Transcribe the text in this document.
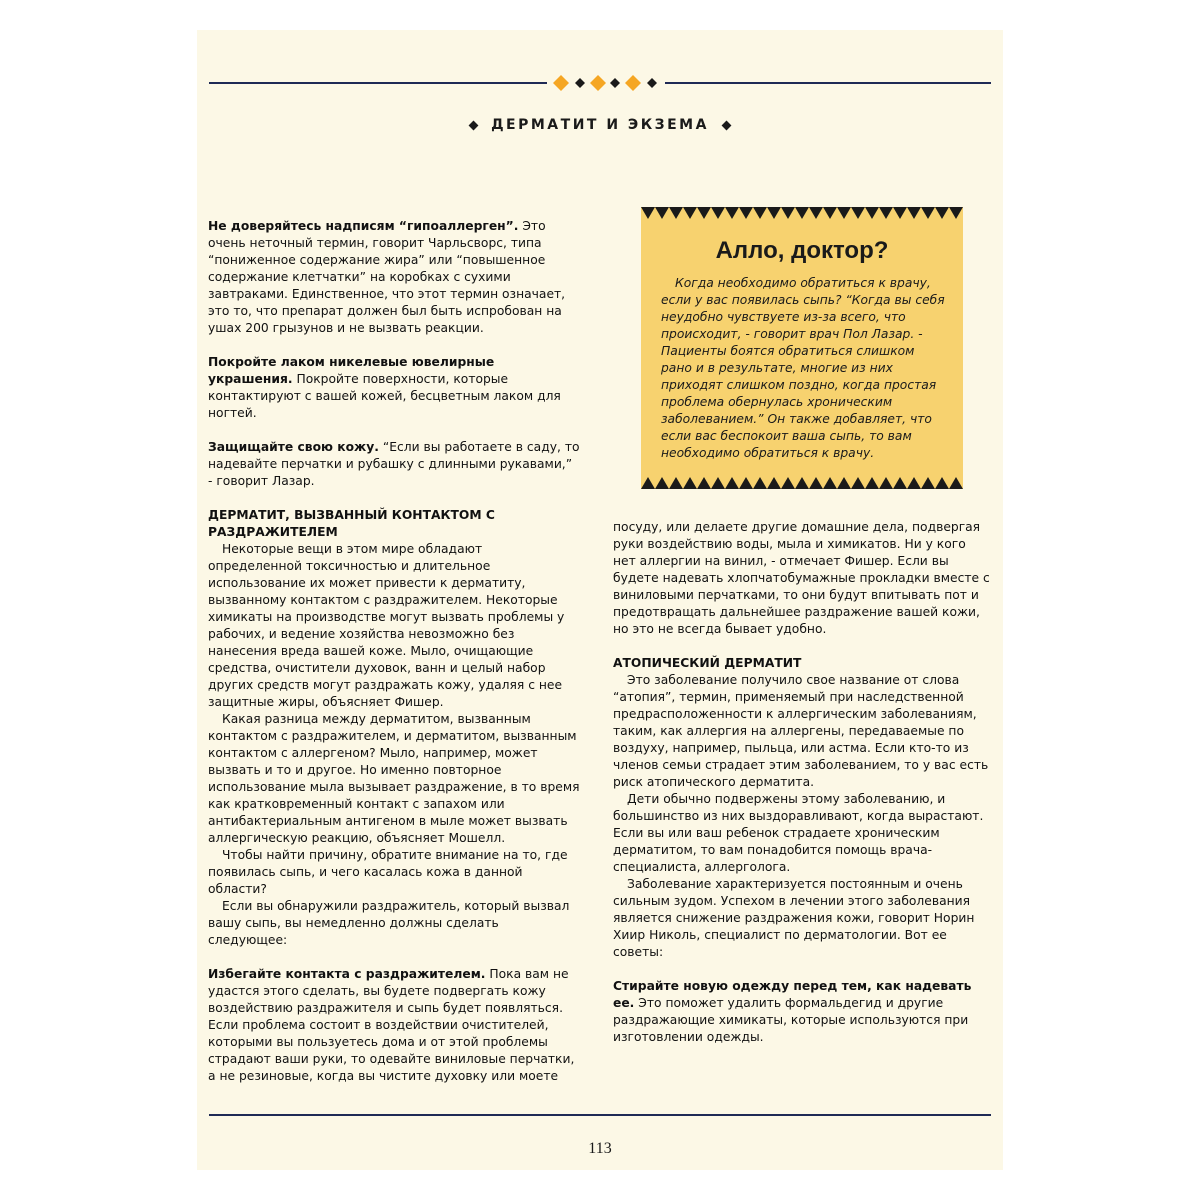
ДЕРМАТИТ И ЭКЗЕМА

Не доверяйтесь надписям “гипоаллерген”. Это очень неточный термин, говорит Чарльсворс, типа “пониженное содержание жира” или “повышенное содержание клетчатки” на коробках с сухими завтраками. Единственное, что этот термин означает, это то, что препарат должен был быть испробован на ушах 200 грызунов и не вызвать реакции.

Покройте лаком никелевые ювелирные украшения. Покройте поверхности, которые контактируют с вашей кожей, бесцветным лаком для ногтей.

Защищайте свою кожу. “Если вы работаете в саду, то надевайте перчатки и рубашку с длинными рукавами,” - говорит Лазар.

ДЕРМАТИТ, ВЫЗВАННЫЙ КОНТАКТОМ С РАЗДРАЖИТЕЛЕМ

Некоторые вещи в этом мире обладают определенной токсичностью и длительное использование их может привести к дерматиту, вызванному контактом с раздражителем. Некоторые химикаты на производстве могут вызвать проблемы у рабочих, и ведение хозяйства невозможно без нанесения вреда вашей коже. Мыло, очищающие средства, очистители духовок, ванн и целый набор других средств могут раздражать кожу, удаляя с нее защитные жиры, объясняет Фишер.

Какая разница между дерматитом, вызванным контактом с раздражителем, и дерматитом, вызванным контактом с аллергеном? Мыло, например, может вызвать и то и другое. Но именно повторное использование мыла вызывает раздражение, в то время как кратковременный контакт с запахом или антибактериальным антигеном в мыле может вызвать аллергическую реакцию, объясняет Мошелл.

Чтобы найти причину, обратите внимание на то, где появилась сыпь, и чего касалась кожа в данной области?

Если вы обнаружили раздражитель, который вызвал вашу сыпь, вы немедленно должны сделать следующее:

Избегайте контакта с раздражителем. Пока вам не удастся этого сделать, вы будете подвергать кожу воздействию раздражителя и сыпь будет появляться. Если проблема состоит в воздействии очистителей, которыми вы пользуетесь дома и от этой проблемы страдают ваши руки, то одевайте виниловые перчатки, а не резиновые, когда вы чистите духовку или моете

Алло, доктор?
Когда необходимо обратиться к врачу, если у вас появилась сыпь? “Когда вы себя неудобно чувствуете из-за всего, что происходит, - говорит врач Пол Лазар. - Пациенты боятся обратиться слишком рано и в результате, многие из них приходят слишком поздно, когда простая проблема обернулась хроническим заболеванием.” Он также добавляет, что если вас беспокоит ваша сыпь, то вам необходимо обратиться к врачу.

посуду, или делаете другие домашние дела, подвергая руки воздействию воды, мыла и химикатов. Ни у кого нет аллергии на винил, - отмечает Фишер. Если вы будете надевать хлопчатобумажные прокладки вместе с виниловыми перчатками, то они будут впитывать пот и предотвращать дальнейшее раздражение вашей кожи, но это не всегда бывает удобно.

АТОПИЧЕСКИЙ ДЕРМАТИТ

Это заболевание получило свое название от слова “атопия”, термин, применяемый при наследственной предрасположенности к аллергическим заболеваниям, таким, как аллергия на аллергены, передаваемые по воздуху, например, пыльца, или астма. Если кто-то из членов семьи страдает этим заболеванием, то у вас есть риск атопического дерматита.

Дети обычно подвержены этому заболеванию, и большинство из них выздоравливают, когда вырастают. Если вы или ваш ребенок страдаете хроническим дерматитом, то вам понадобится помощь врача-специалиста, аллерголога.

Заболевание характеризуется постоянным и очень сильным зудом. Успехом в лечении этого заболевания является снижение раздражения кожи, говорит Норин Хиир Николь, специалист по дерматологии. Вот ее советы:

Стирайте новую одежду перед тем, как надевать ее. Это поможет удалить формальдегид и другие раздражающие химикаты, которые используются при изготовлении одежды.

113
